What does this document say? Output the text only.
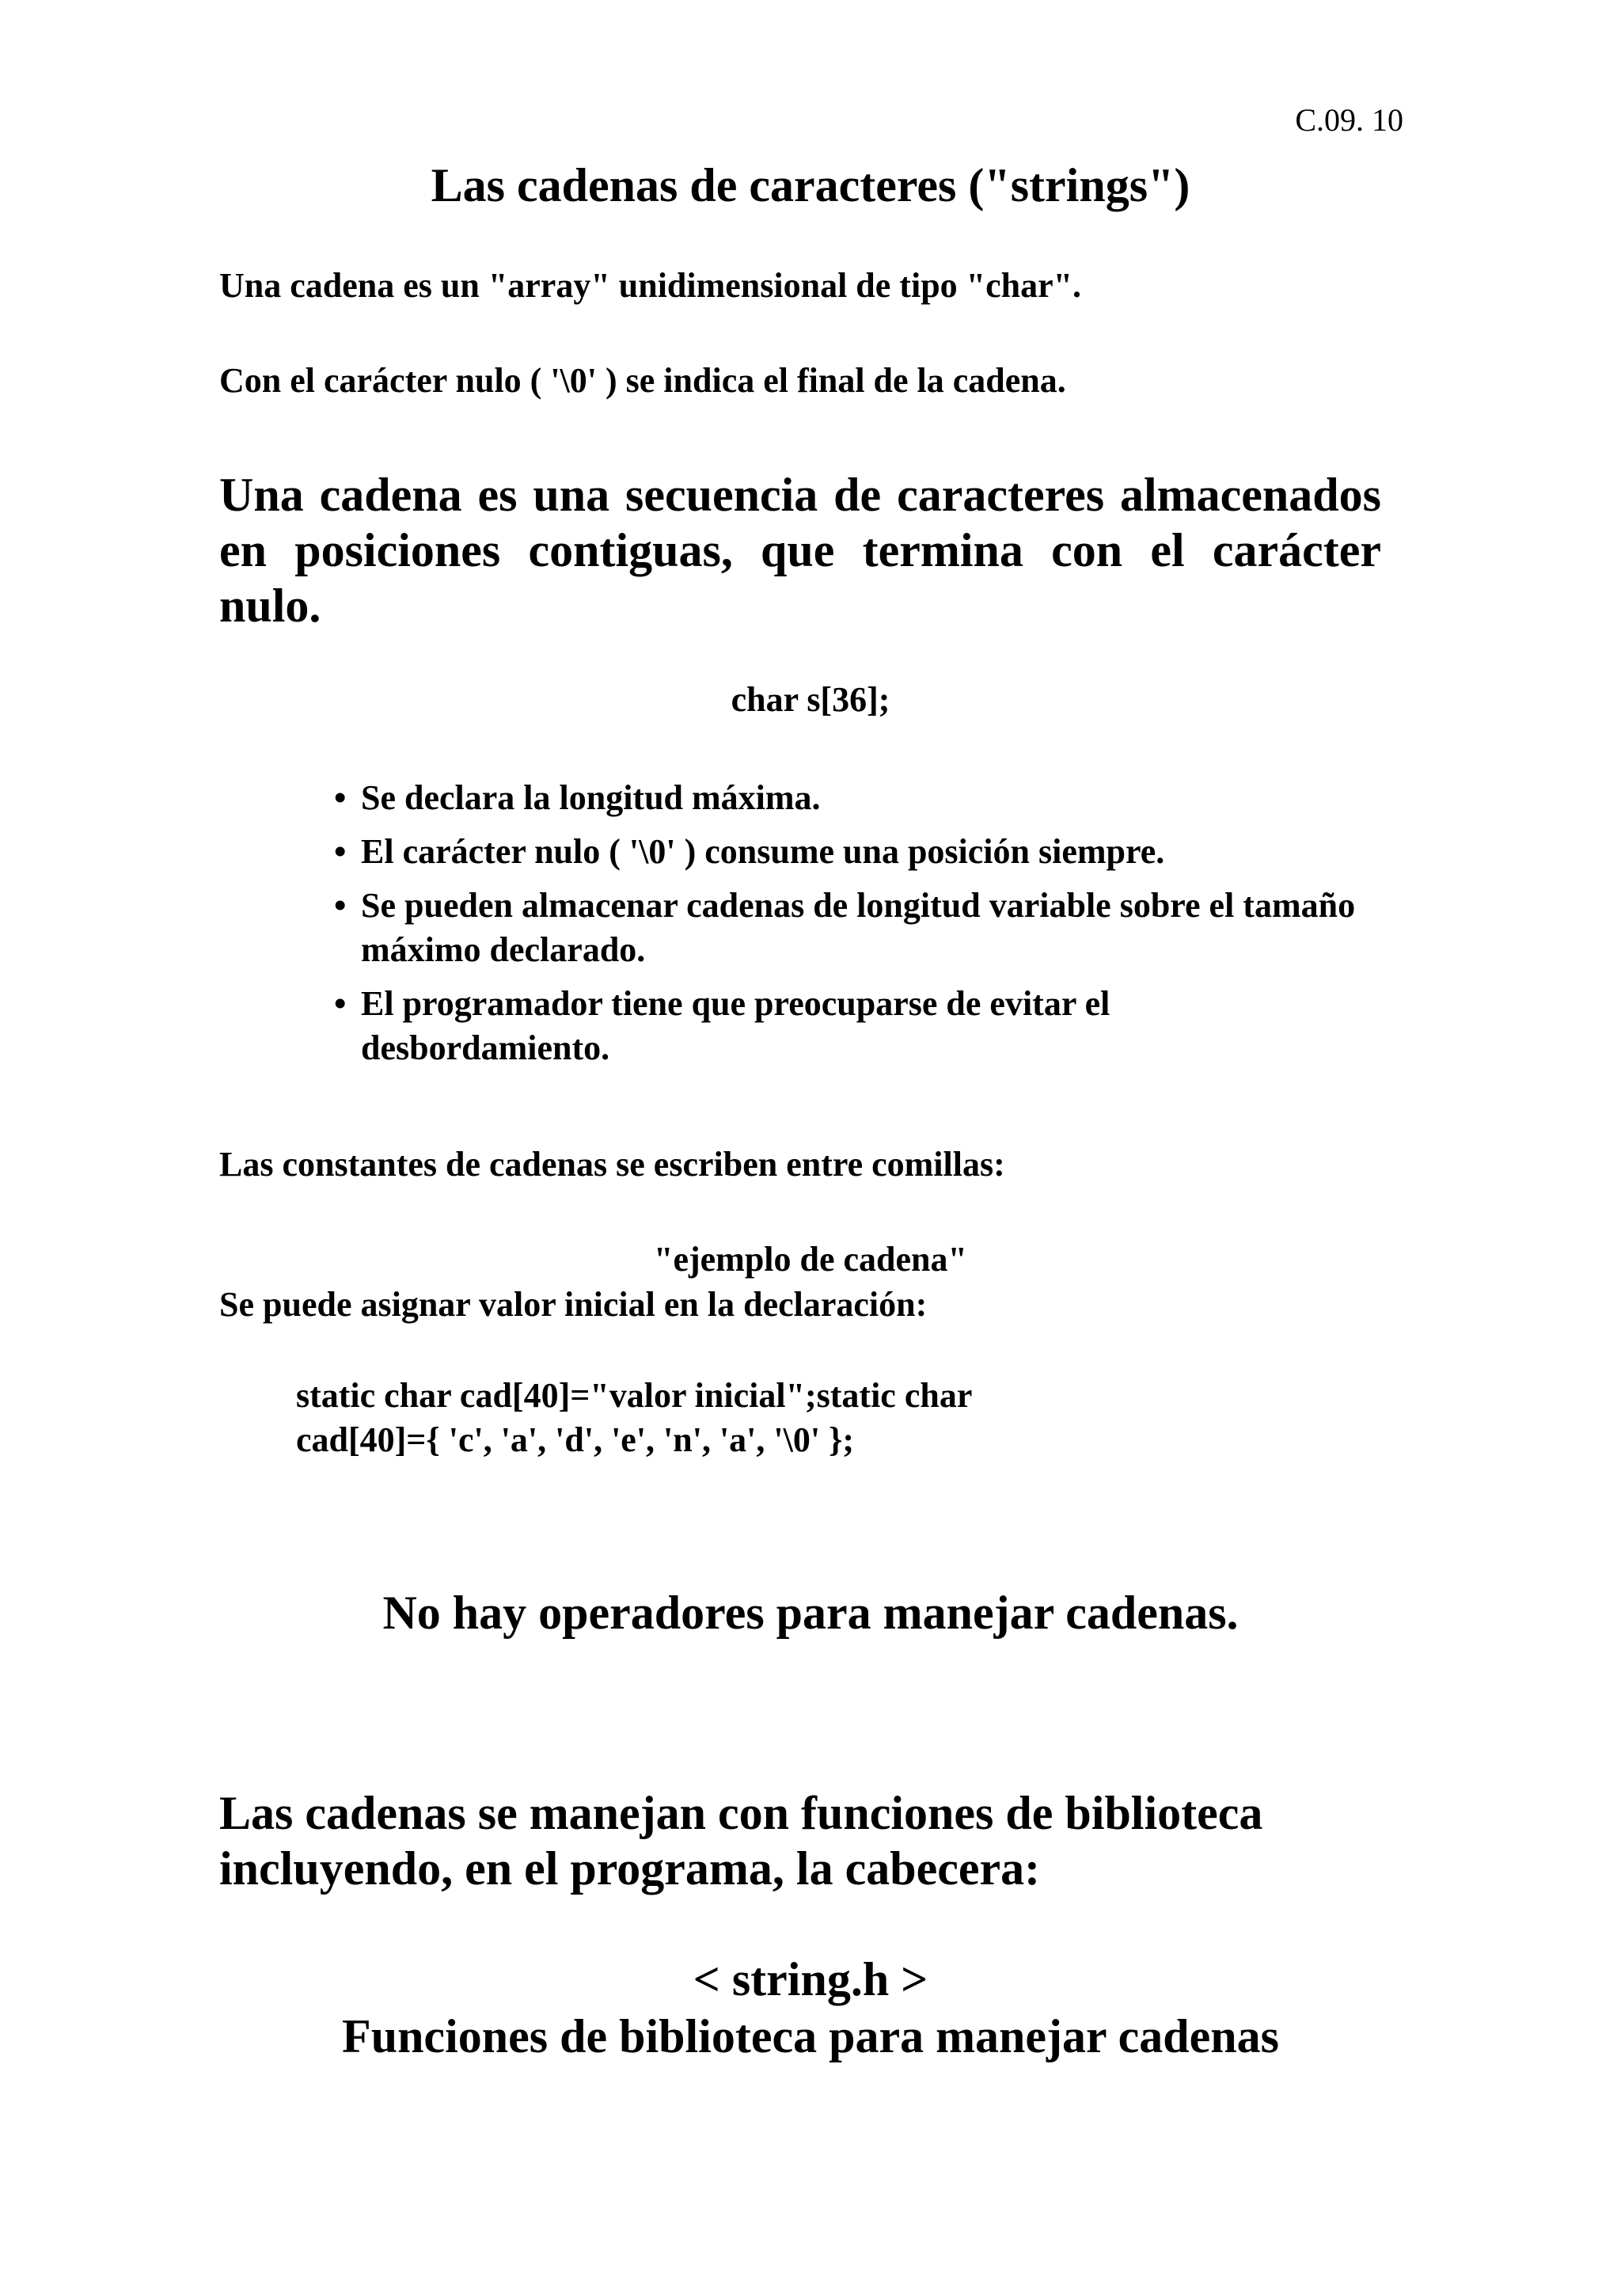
C.09. 10
Las cadenas de caracteres ("strings")

Una cadena es un "array" unidimensional de tipo "char".

Con el carácter nulo ( '\0' ) se indica el final de la cadena.

Una cadena es una secuencia de caracteres almacenados en posiciones contiguas, que termina con el carácter nulo.

char s[36];

• Se declara la longitud máxima.
• El carácter nulo ( '\0' ) consume una posición siempre.
• Se pueden almacenar cadenas de longitud variable sobre el tamaño máximo declarado.
• El programador tiene que preocuparse de evitar el desbordamiento.

Las constantes de cadenas se escriben entre comillas:

"ejemplo de cadena"

Se puede asignar valor inicial en la declaración:

static char cad[40]="valor inicial";static char
cad[40]={ 'c', 'a', 'd', 'e', 'n', 'a', '\0' };
No hay operadores para manejar cadenas.

Las cadenas se manejan con funciones de biblioteca incluyendo, en el programa, la cabecera:

< string.h >

Funciones de biblioteca para manejar cadenas
